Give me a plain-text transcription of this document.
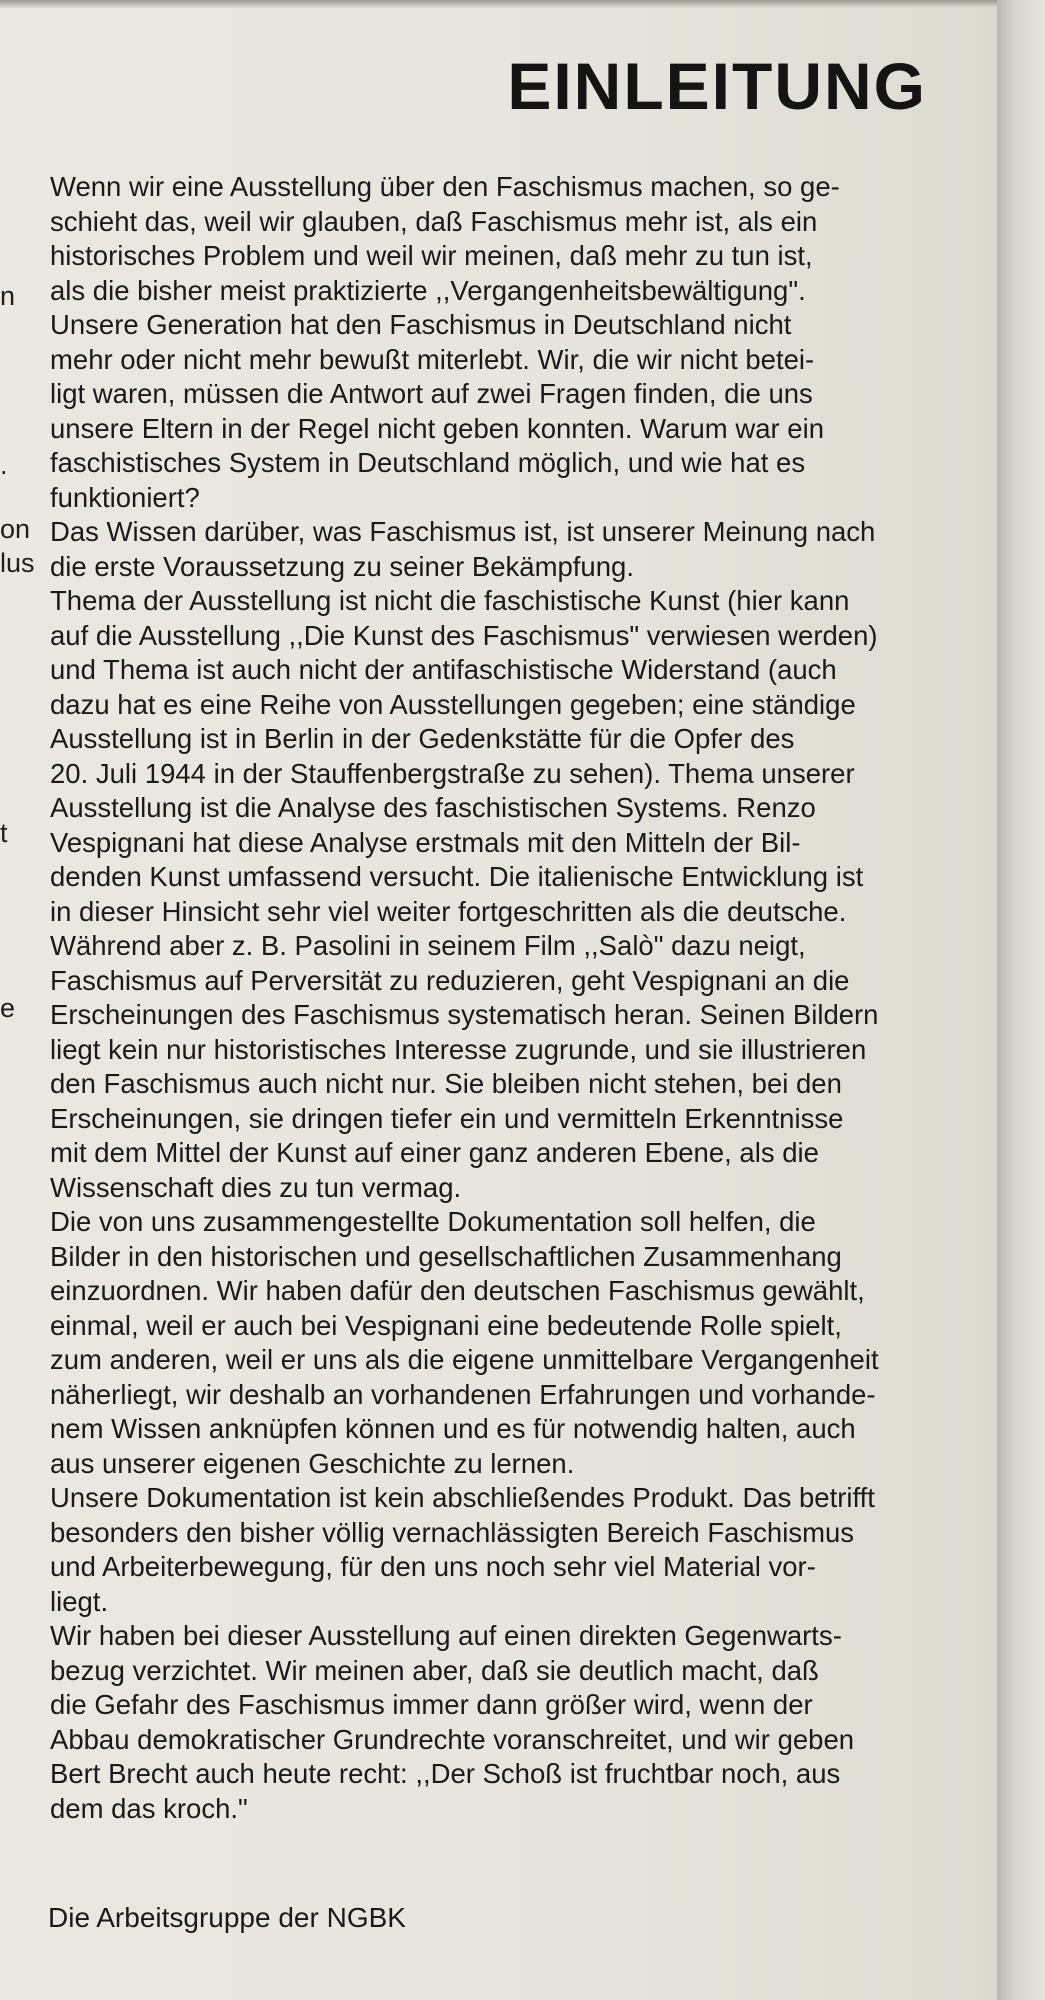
n
.
on
lus
t
e
EINLEITUNG

Wenn wir eine Ausstellung über den Faschismus machen, so ge-
schieht das, weil wir glauben, daß Faschismus mehr ist, als ein
historisches Problem und weil wir meinen, daß mehr zu tun ist,
als die bisher meist praktizierte ,,Vergangenheitsbewältigung".
Unsere Generation hat den Faschismus in Deutschland nicht
mehr oder nicht mehr bewußt miterlebt. Wir, die wir nicht betei-
ligt waren, müssen die Antwort auf zwei Fragen finden, die uns
unsere Eltern in der Regel nicht geben konnten. Warum war ein
faschistisches System in Deutschland möglich, und wie hat es
funktioniert?

Das Wissen darüber, was Faschismus ist, ist unserer Meinung nach
die erste Voraussetzung zu seiner Bekämpfung.

Thema der Ausstellung ist nicht die faschistische Kunst (hier kann
auf die Ausstellung ,,Die Kunst des Faschismus" verwiesen werden)
und Thema ist auch nicht der antifaschistische Widerstand (auch
dazu hat es eine Reihe von Ausstellungen gegeben; eine ständige
Ausstellung ist in Berlin in der Gedenkstätte für die Opfer des
20. Juli 1944 in der Stauffenbergstraße zu sehen). Thema unserer
Ausstellung ist die Analyse des faschistischen Systems. Renzo
Vespignani hat diese Analyse erstmals mit den Mitteln der Bil-
denden Kunst umfassend versucht. Die italienische Entwicklung ist
in dieser Hinsicht sehr viel weiter fortgeschritten als die deutsche.
Während aber z. B. Pasolini in seinem Film ,,Salò" dazu neigt,
Faschismus auf Perversität zu reduzieren, geht Vespignani an die
Erscheinungen des Faschismus systematisch heran. Seinen Bildern
liegt kein nur historistisches Interesse zugrunde, und sie illustrieren
den Faschismus auch nicht nur. Sie bleiben nicht stehen, bei den
Erscheinungen, sie dringen tiefer ein und vermitteln Erkenntnisse
mit dem Mittel der Kunst auf einer ganz anderen Ebene, als die
Wissenschaft dies zu tun vermag.

Die von uns zusammengestellte Dokumentation soll helfen, die
Bilder in den historischen und gesellschaftlichen Zusammenhang
einzuordnen. Wir haben dafür den deutschen Faschismus gewählt,
einmal, weil er auch bei Vespignani eine bedeutende Rolle spielt,
zum anderen, weil er uns als die eigene unmittelbare Vergangenheit
näherliegt, wir deshalb an vorhandenen Erfahrungen und vorhande-
nem Wissen anknüpfen können und es für notwendig halten, auch
aus unserer eigenen Geschichte zu lernen.

Unsere Dokumentation ist kein abschließendes Produkt. Das betrifft
besonders den bisher völlig vernachlässigten Bereich Faschismus
und Arbeiterbewegung, für den uns noch sehr viel Material vor-
liegt.

Wir haben bei dieser Ausstellung auf einen direkten Gegenwarts-
bezug verzichtet. Wir meinen aber, daß sie deutlich macht, daß
die Gefahr des Faschismus immer dann größer wird, wenn der
Abbau demokratischer Grundrechte voranschreitet, und wir geben
Bert Brecht auch heute recht: ,,Der Schoß ist fruchtbar noch, aus
dem das kroch."

Die Arbeitsgruppe der NGBK
